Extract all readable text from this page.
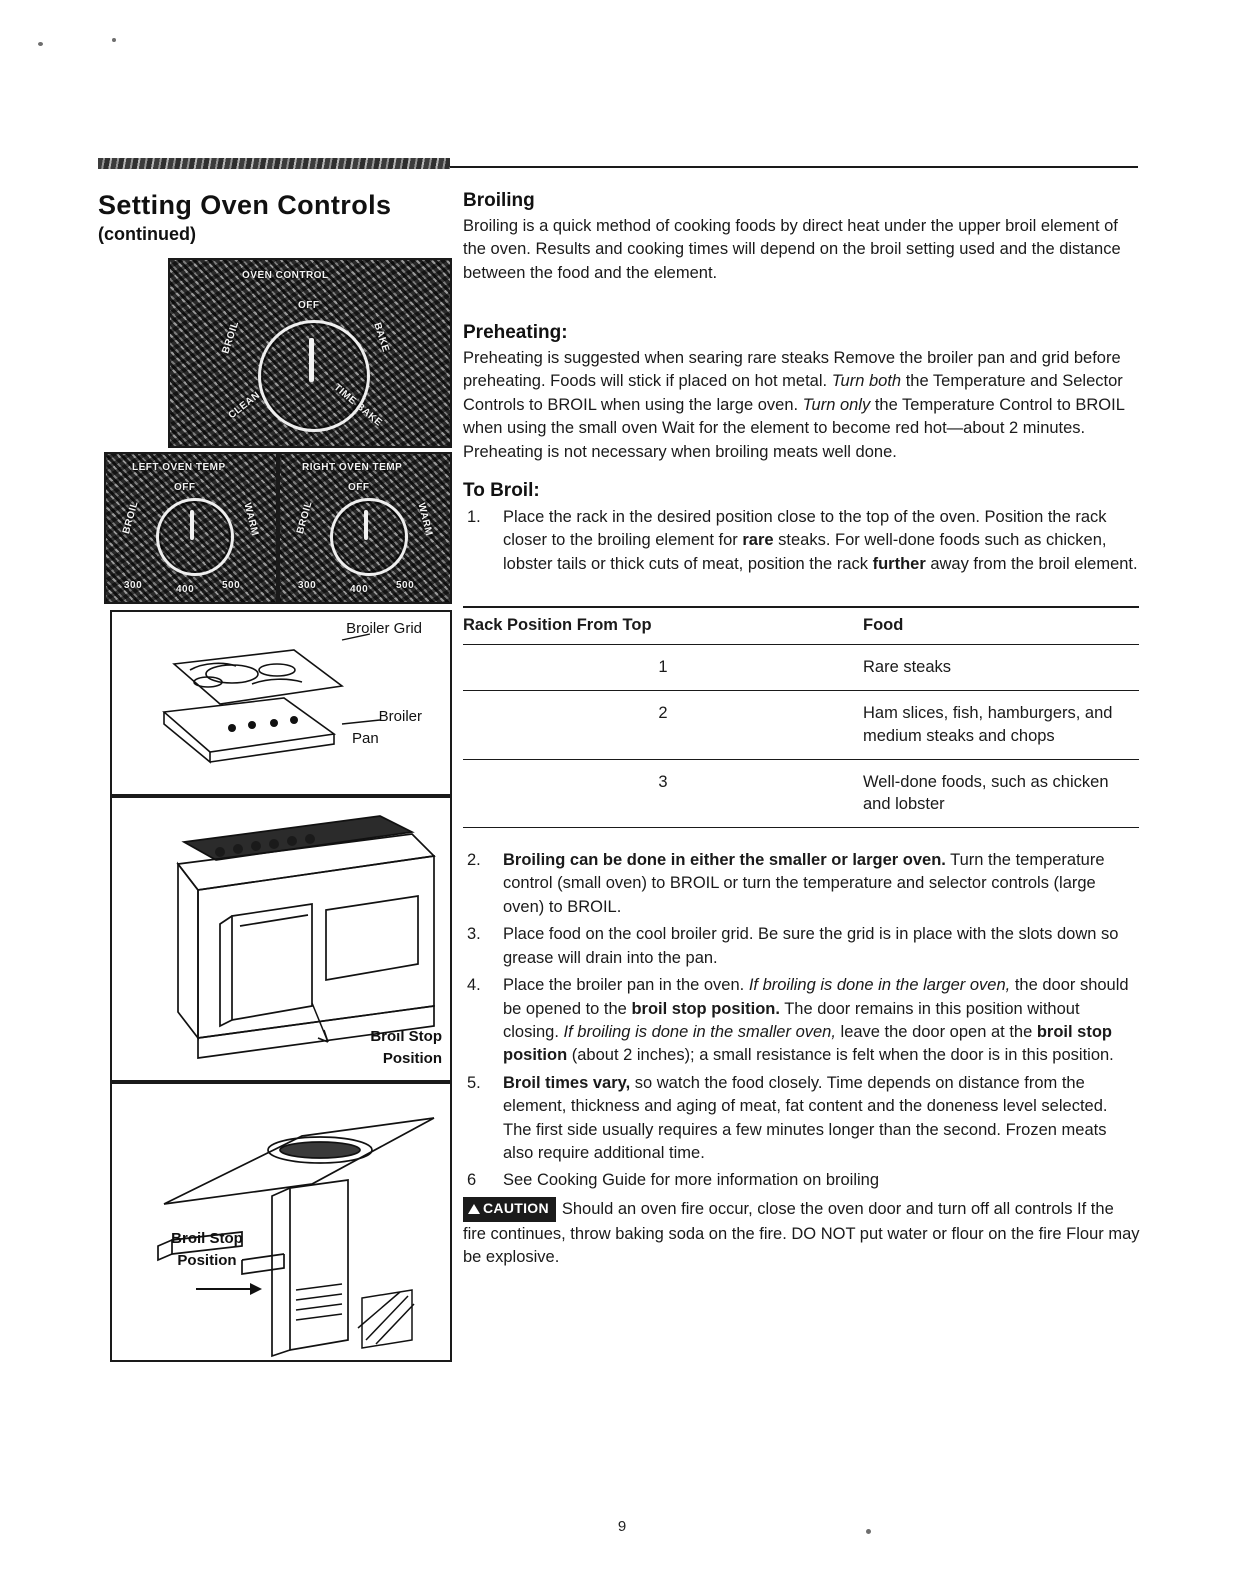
Setting Oven Controls
(continued)
OVEN CONTROL
OFF
BROIL	BAKE
CLEAN	TIME BAKE
LEFT OVEN TEMP
OFF
BROIL	WARM
300	400	500
RIGHT OVEN TEMP
OFF
BROIL	WARM
300	400	500
Broiler Grid
Broiler
Pan
Broil Stop
Position
Broil Stop
Position
Broiling

Broiling is a quick method of cooking foods by direct heat under the upper broil element of the oven. Results and cooking times will depend on the broil setting used and the distance between the food and the element.

Preheating:

Preheating is suggested when searing rare steaks Remove the broiler pan and grid before preheating. Foods will stick if placed on hot metal. Turn both the Temperature and Selector Controls to BROIL when using the large oven. Turn only the Temperature Control to BROIL when using the small oven Wait for the element to become red hot—about 2 minutes. Preheating is not necessary when broiling meats well done.

To Broil:
1.	Place the rack in the desired position close to the top of the oven. Position the rack closer to the broiling element for rare steaks. For well-done foods such as chicken, lobster tails or thick cuts of meat, position the rack further away from the broil element.
Rack Position From Top	Food
1	Rare steaks
2	Ham slices, fish, hamburgers, and medium steaks and chops
3	Well-done foods, such as chicken and lobster
2.	Broiling can be done in either the smaller or larger oven. Turn the temperature control (small oven) to BROIL or turn the temperature and selector controls (large oven) to BROIL.
3.	Place food on the cool broiler grid. Be sure the grid is in place with the slots down so grease will drain into the pan.
4.	Place the broiler pan in the oven. If broiling is done in the larger oven, the door should be opened to the broil stop position. The door remains in this position without closing. If broiling is done in the smaller oven, leave the door open at the broil stop position (about 2 inches); a small resistance is felt when the door is in this position.
5.	Broil times vary, so watch the food closely. Time depends on distance from the element, thickness and aging of meat, fat content and the doneness level selected. The first side usually requires a few minutes longer than the second. Frozen meats also require additional time.
6	See Cooking Guide for more information on broiling
CAUTION Should an oven fire occur, close the oven door and turn off all controls If the fire continues, throw baking soda on the fire. DO NOT put water or flour on the fire Flour may be explosive.
9
